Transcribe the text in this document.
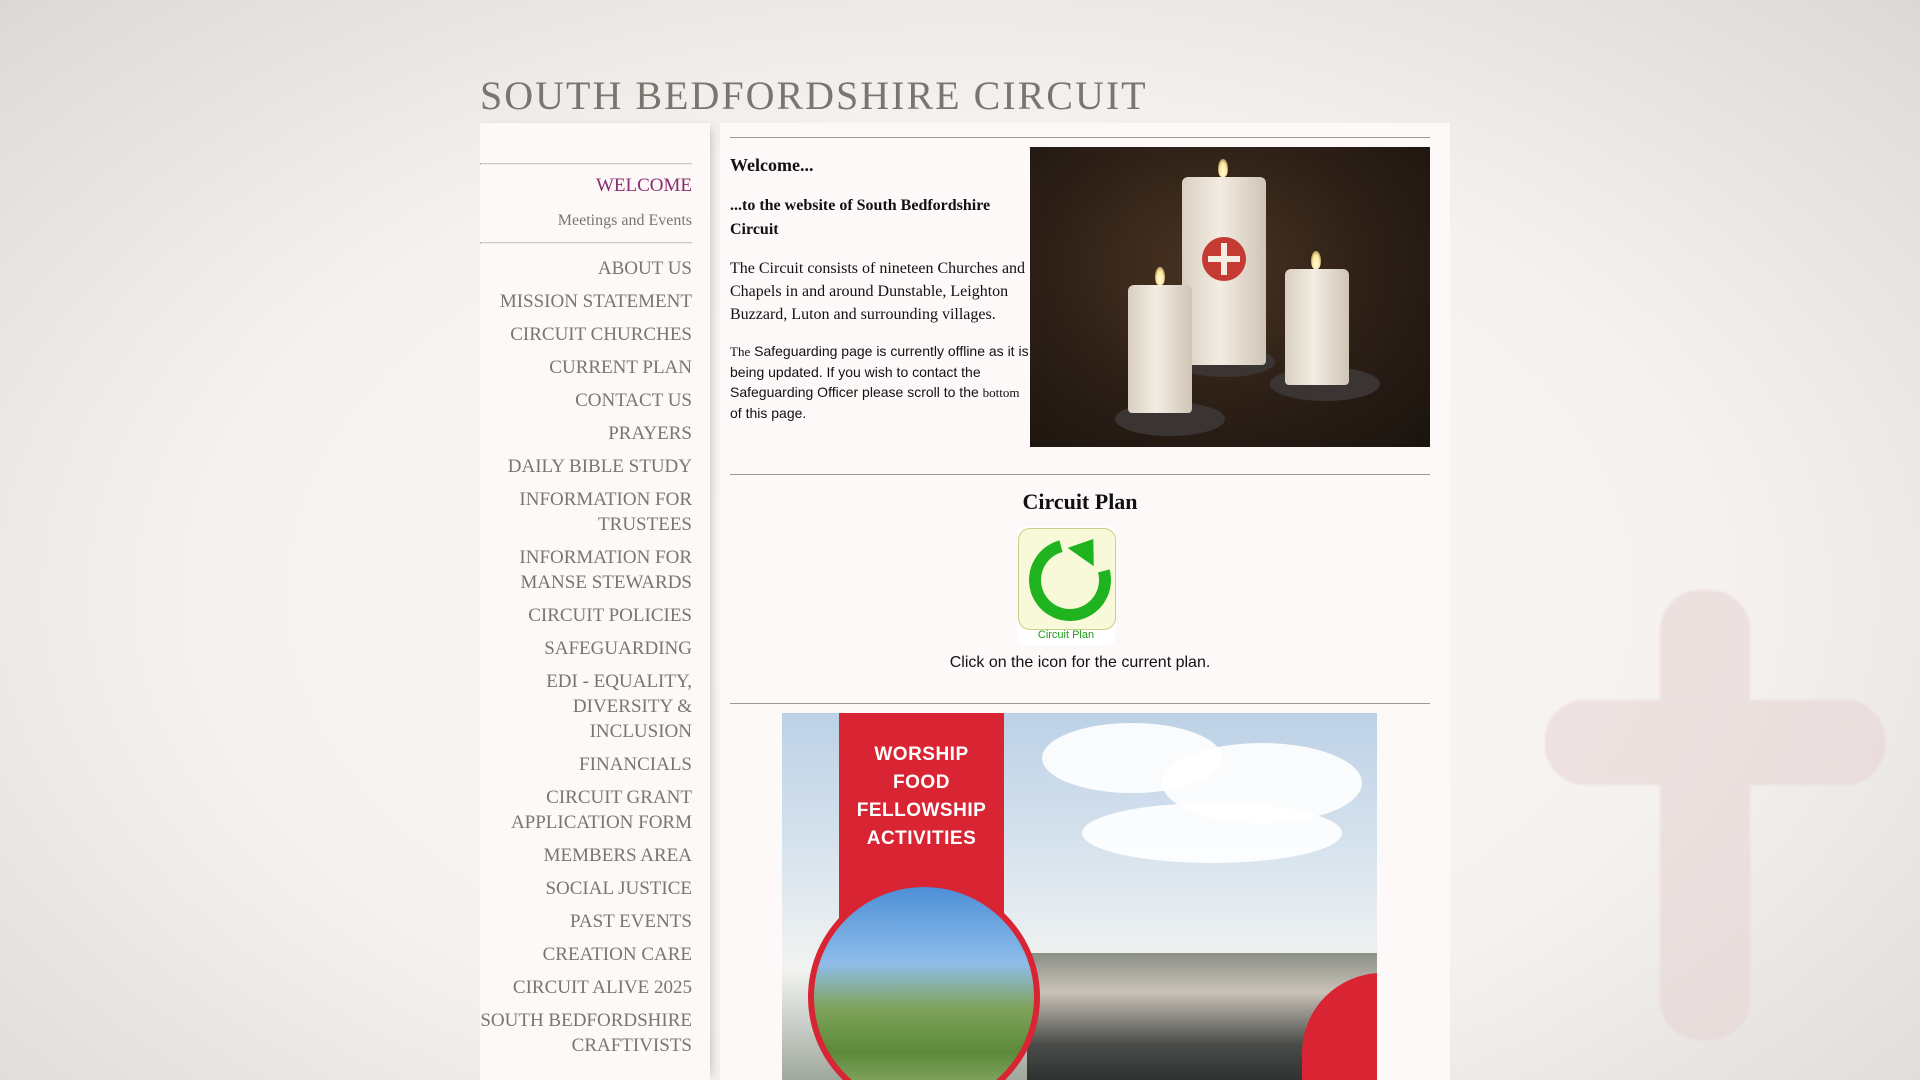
SOUTH BEDFORDSHIRE CIRCUIT
WELCOME
Meetings and Events
ABOUT US
MISSION STATEMENT
CIRCUIT CHURCHES
CURRENT PLAN
CONTACT US
PRAYERS
DAILY BIBLE STUDY
INFORMATION FOR TRUSTEES
INFORMATION FOR MANSE STEWARDS
CIRCUIT POLICIES
SAFEGUARDING
EDI - EQUALITY, DIVERSITY & INCLUSION
FINANCIALS
CIRCUIT GRANT APPLICATION FORM
MEMBERS AREA
SOCIAL JUSTICE
PAST EVENTS
CREATION CARE
CIRCUIT ALIVE 2025
SOUTH BEDFORDSHIRE CRAFTIVISTS
Welcome...

...to the website of South Bedfordshire Circuit

The Circuit consists of nineteen Churches and Chapels in and around Dunstable, Leighton Buzzard, Luton and surrounding villages.

The Safeguarding page is currently offline as it is being updated. If you wish to contact the Safeguarding Officer please scroll to the bottom of this page.

Circuit Plan
Circuit Plan

Click on the icon for the current plan.

WORSHIP
FOOD
FELLOWSHIP
ACTIVITIES
